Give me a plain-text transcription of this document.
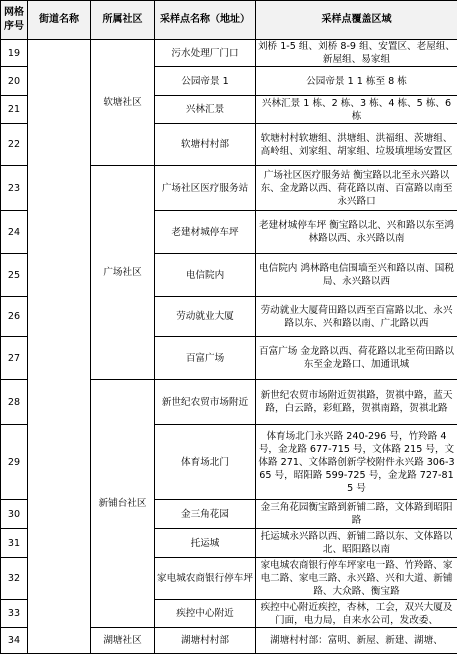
网格序号	街道名称	所属社区	采样点名称（地址）	采样点覆盖区域
19		软塘社区	污水处理厂门口	刘桥 1-5 组、刘桥 8-9 组、安置区、老屋组、新屋组、易家组
20			公园帝景 1	公园帝景 1 1 栋至 8 栋
21			兴林汇景	兴林汇景 1 栋、2 栋、3 栋、4 栋、5 栋、6 栋
22			软塘村村部	软塘村村软塘组、洪塘组、洪福组、茨塘组、高岭组、刘家组、胡家组、垃圾填埋场安置区
23		广场社区	广场社区医疗服务站	广场社区医疗服务站 衡宝路以北至永兴路以东、金龙路以西、荷花路以南、百富路以南至永兴路口
24			老建材城停车坪	老建材城停车坪 衡宝路以北、兴和路以东至鸿林路以西、永兴路以南
25			电信院内	电信院内 鸿林路电信围墙至兴和路以南、国税局、永兴路以西
26			劳动就业大厦	劳动就业大厦荷田路以西至百富路以北、永兴路以东、兴和路以南、广北路以西
27			百富广场	百富广场 金龙路以西、荷花路以北至荷田路以东至金龙路口、加通讯城
28		新铺台社区	新世纪农贸市场附近	新世纪农贸市场附近贺祺路，贺祺中路，蓝天路，白云路，彩虹路，贺祺南路，贺祺北路
29			体育场北门	体育场北门永兴路 240-296 号，竹羚路 4 号，金龙路 677-715 号，文体路 215 号，文体路 271、文体路创新学校附件永兴路 306-365 号，昭阳路 599-725 号，金龙路 727-815 号
30			金三角花园	金三角花园衡宝路到新铺二路，文体路到昭阳路
31			托运城	托运城永兴路以西、新铺二路以东、文体路以北、昭阳路以南
32			家电城农商银行停车坪	家电城农商银行停车坪家电一路、竹羚路、家电二路、家电三路、永兴路、兴和大道、新铺路、大众路、衡宝路
33			疾控中心附近	疾控中心附近疾控，杏林，工会，双兴大厦及门面，电力局，自来水公司，发改委、
34		湖塘社区	湖塘村村部	湖塘村村部：富明、新屋、新建、湖塘、
